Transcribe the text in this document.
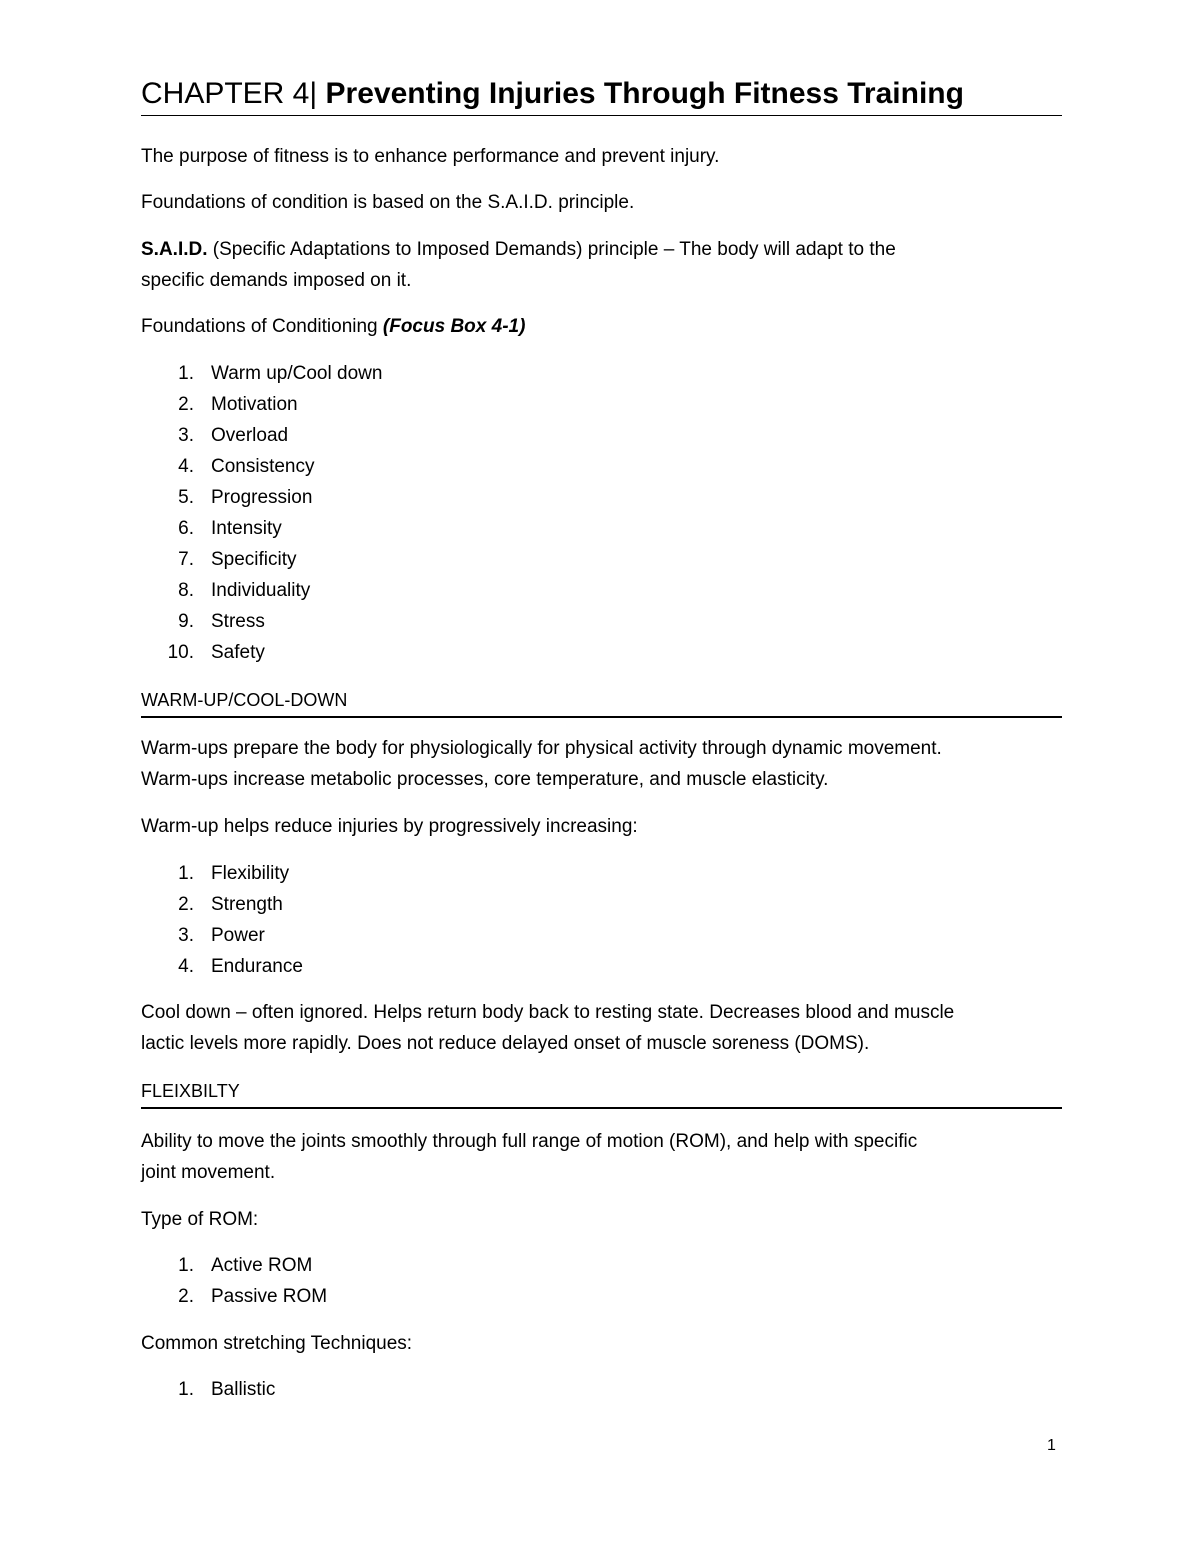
CHAPTER 4| Preventing Injuries Through Fitness Training

The purpose of fitness is to enhance performance and prevent injury.

Foundations of condition is based on the S.A.I.D. principle.

S.A.I.D. (Specific Adaptations to Imposed Demands) principle – The body will adapt to the

specific demands imposed on it.

Foundations of Conditioning (Focus Box 4-1)

1. Warm up/Cool down
2. Motivation
3. Overload
4. Consistency
5. Progression
6. Intensity
7. Specificity
8. Individuality
9. Stress
10. Safety
WARM-UP/COOL-DOWN

Warm-ups prepare the body for physiologically for physical activity through dynamic movement.

Warm-ups increase metabolic processes, core temperature, and muscle elasticity.

Warm-up helps reduce injuries by progressively increasing:

1. Flexibility
2. Strength
3. Power
4. Endurance

Cool down – often ignored. Helps return body back to resting state. Decreases blood and muscle

lactic levels more rapidly. Does not reduce delayed onset of muscle soreness (DOMS).

FLEIXBILTY

Ability to move the joints smoothly through full range of motion (ROM), and help with specific

joint movement.

Type of ROM:

1. Active ROM
2. Passive ROM

Common stretching Techniques:

1. Ballistic
1
